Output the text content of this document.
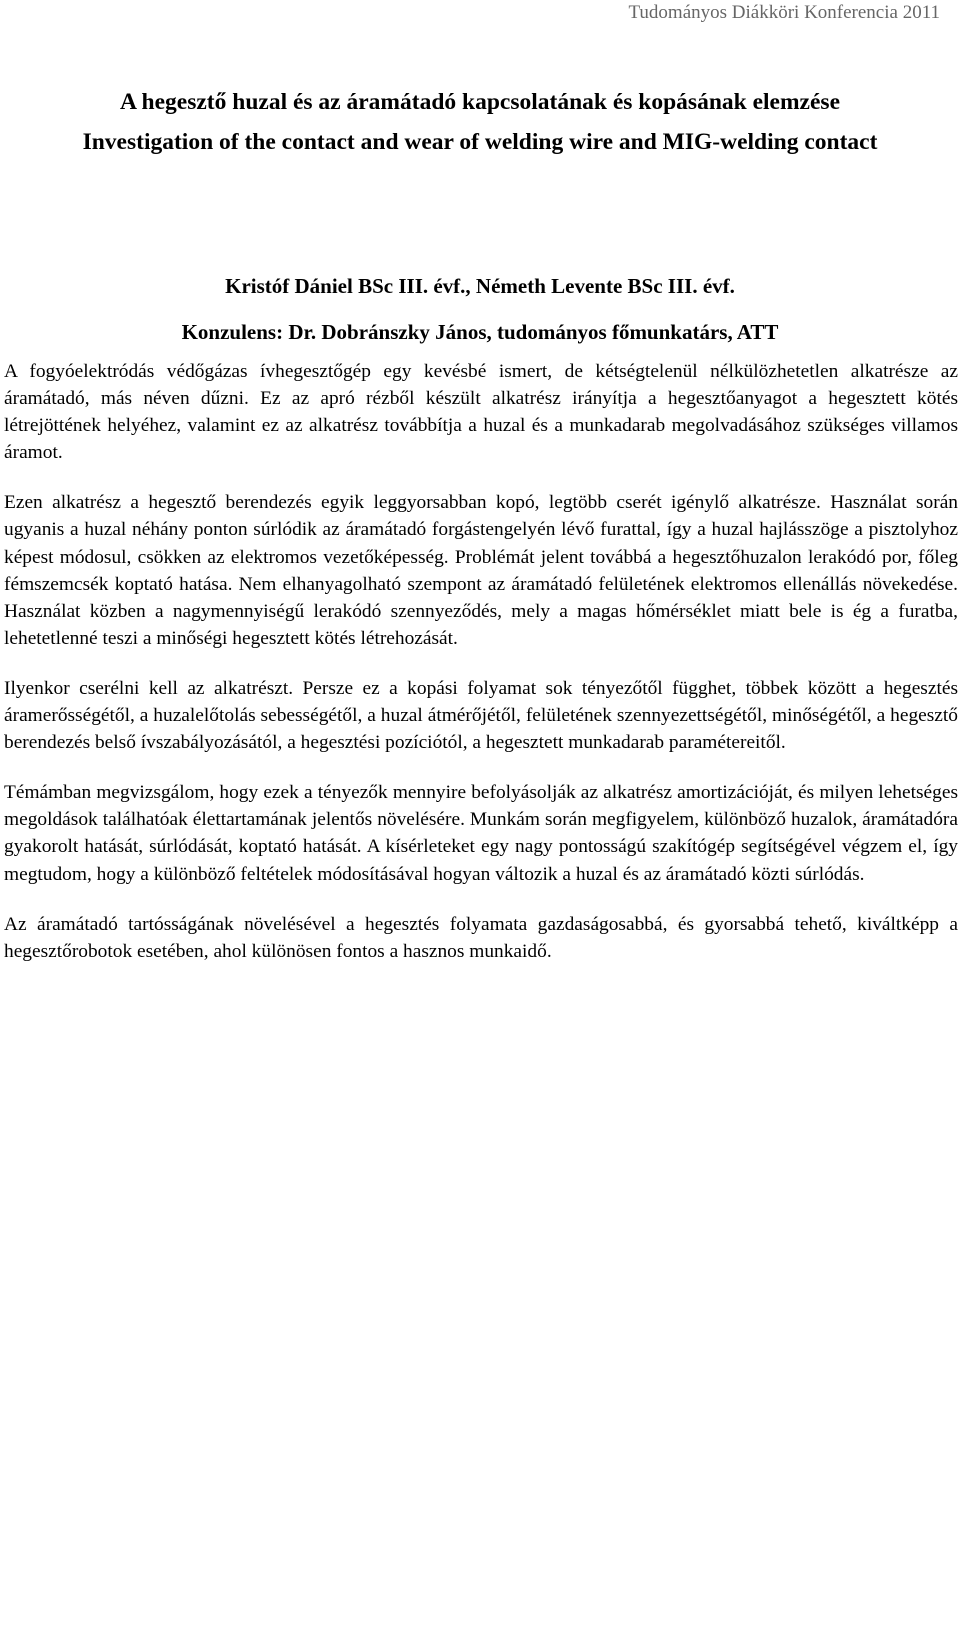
Tudományos Diákköri Konferencia 2011
A hegesztő huzal és az áramátadó kapcsolatának és kopásának elemzése
Investigation of the contact and wear of welding wire and MIG-welding contact
Kristóf Dániel BSc III. évf., Németh Levente BSc III. évf.
Konzulens: Dr. Dobránszky János, tudományos főmunkatárs, ATT

A fogyóelektródás védőgázas ívhegesztőgép egy kevésbé ismert, de kétségtelenül nélkülözhetetlen alkatrésze az áramátadó, más néven dűzni. Ez az apró rézből készült alkatrész irányítja a hegesztőanyagot a hegesztett kötés létrejöttének helyéhez, valamint ez az alkatrész továbbítja a huzal és a munkadarab megolvadásához szükséges villamos áramot.

Ezen alkatrész a hegesztő berendezés egyik leggyorsabban kopó, legtöbb cserét igénylő alkatrésze. Használat során ugyanis a huzal néhány ponton súrlódik az áramátadó forgástengelyén lévő furattal, így a huzal hajlásszöge a pisztolyhoz képest módosul, csökken az elektromos vezetőképesség. Problémát jelent továbbá a hegesztőhuzalon lerakódó por, főleg fémszemcsék koptató hatása. Nem elhanyagolható szempont az áramátadó felületének elektromos ellenállás növekedése. Használat közben a nagymennyiségű lerakódó szennyeződés, mely a magas hőmérséklet miatt bele is ég a furatba, lehetetlenné teszi a minőségi hegesztett kötés létrehozását.

Ilyenkor cserélni kell az alkatrészt. Persze ez a kopási folyamat sok tényezőtől függhet, többek között a hegesztés áramerősségétől, a huzalelőtolás sebességétől, a huzal átmérőjétől, felületének szennyezettségétől, minőségétől, a hegesztő berendezés belső ívszabályozásától, a hegesztési pozíciótól, a hegesztett munkadarab paramétereitől.

Témámban megvizsgálom, hogy ezek a tényezők mennyire befolyásolják az alkatrész amortizációját, és milyen lehetséges megoldások találhatóak élettartamának jelentős növelésére. Munkám során megfigyelem, különböző huzalok, áramátadóra gyakorolt hatását, súrlódását, koptató hatását. A kísérleteket egy nagy pontosságú szakítógép segítségével végzem el, így megtudom, hogy a különböző feltételek módosításával hogyan változik a huzal és az áramátadó közti súrlódás.

Az áramátadó tartósságának növelésével a hegesztés folyamata gazdaságosabbá, és gyorsabbá tehető, kiváltképp a hegesztőrobotok esetében, ahol különösen fontos a hasznos munkaidő.
